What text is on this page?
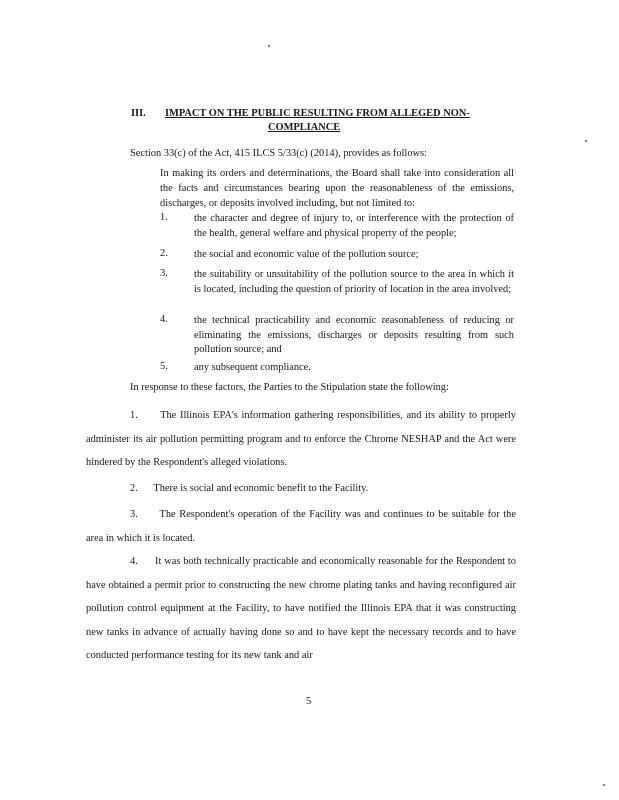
III. IMPACT ON THE PUBLIC RESULTING FROM ALLEGED NON-
COMPLIANCE
Section 33(c) of the Act, 415 ILCS 5/33(c) (2014), provides as follows:
In making its orders and determinations, the Board shall take into consideration all the facts and circumstances bearing upon the reasonableness of the emissions, discharges, or deposits involved including, but not limited to:
1.	the character and degree of injury to, or interference with the protection of the health, general welfare and physical property of the people;
2.	the social and economic value of the pollution source;
3.	the suitability or unsuitability of the pollution source to the area in which it is located, including the question of priority of location in the area involved;
4.	the technical practicability and economic reasonableness of reducing or eliminating the emissions, discharges or deposits resulting from such pollution source; and
5.	any subsequent compliance.
In response to these factors, the Parties to the Stipulation state the following:
1.      The Illinois EPA's information gathering responsibilities, and its ability to properly administer its air pollution permitting program and to enforce the Chrome NESHAP and the Act were hindered by the Respondent's alleged violations.
2.      There is social and economic benefit to the Facility.
3.      The Respondent's operation of the Facility was and continues to be suitable for the area in which it is located.
4.      It was both technically practicable and economically reasonable for the Respondent to have obtained a permit prior to constructing the new chrome plating tanks and having reconfigured air pollution control equipment at the Facility, to have notified the Illinois EPA that it was constructing new tanks in advance of actually having done so and to have kept the necessary records and to have conducted performance testing for its new tank and air
5
